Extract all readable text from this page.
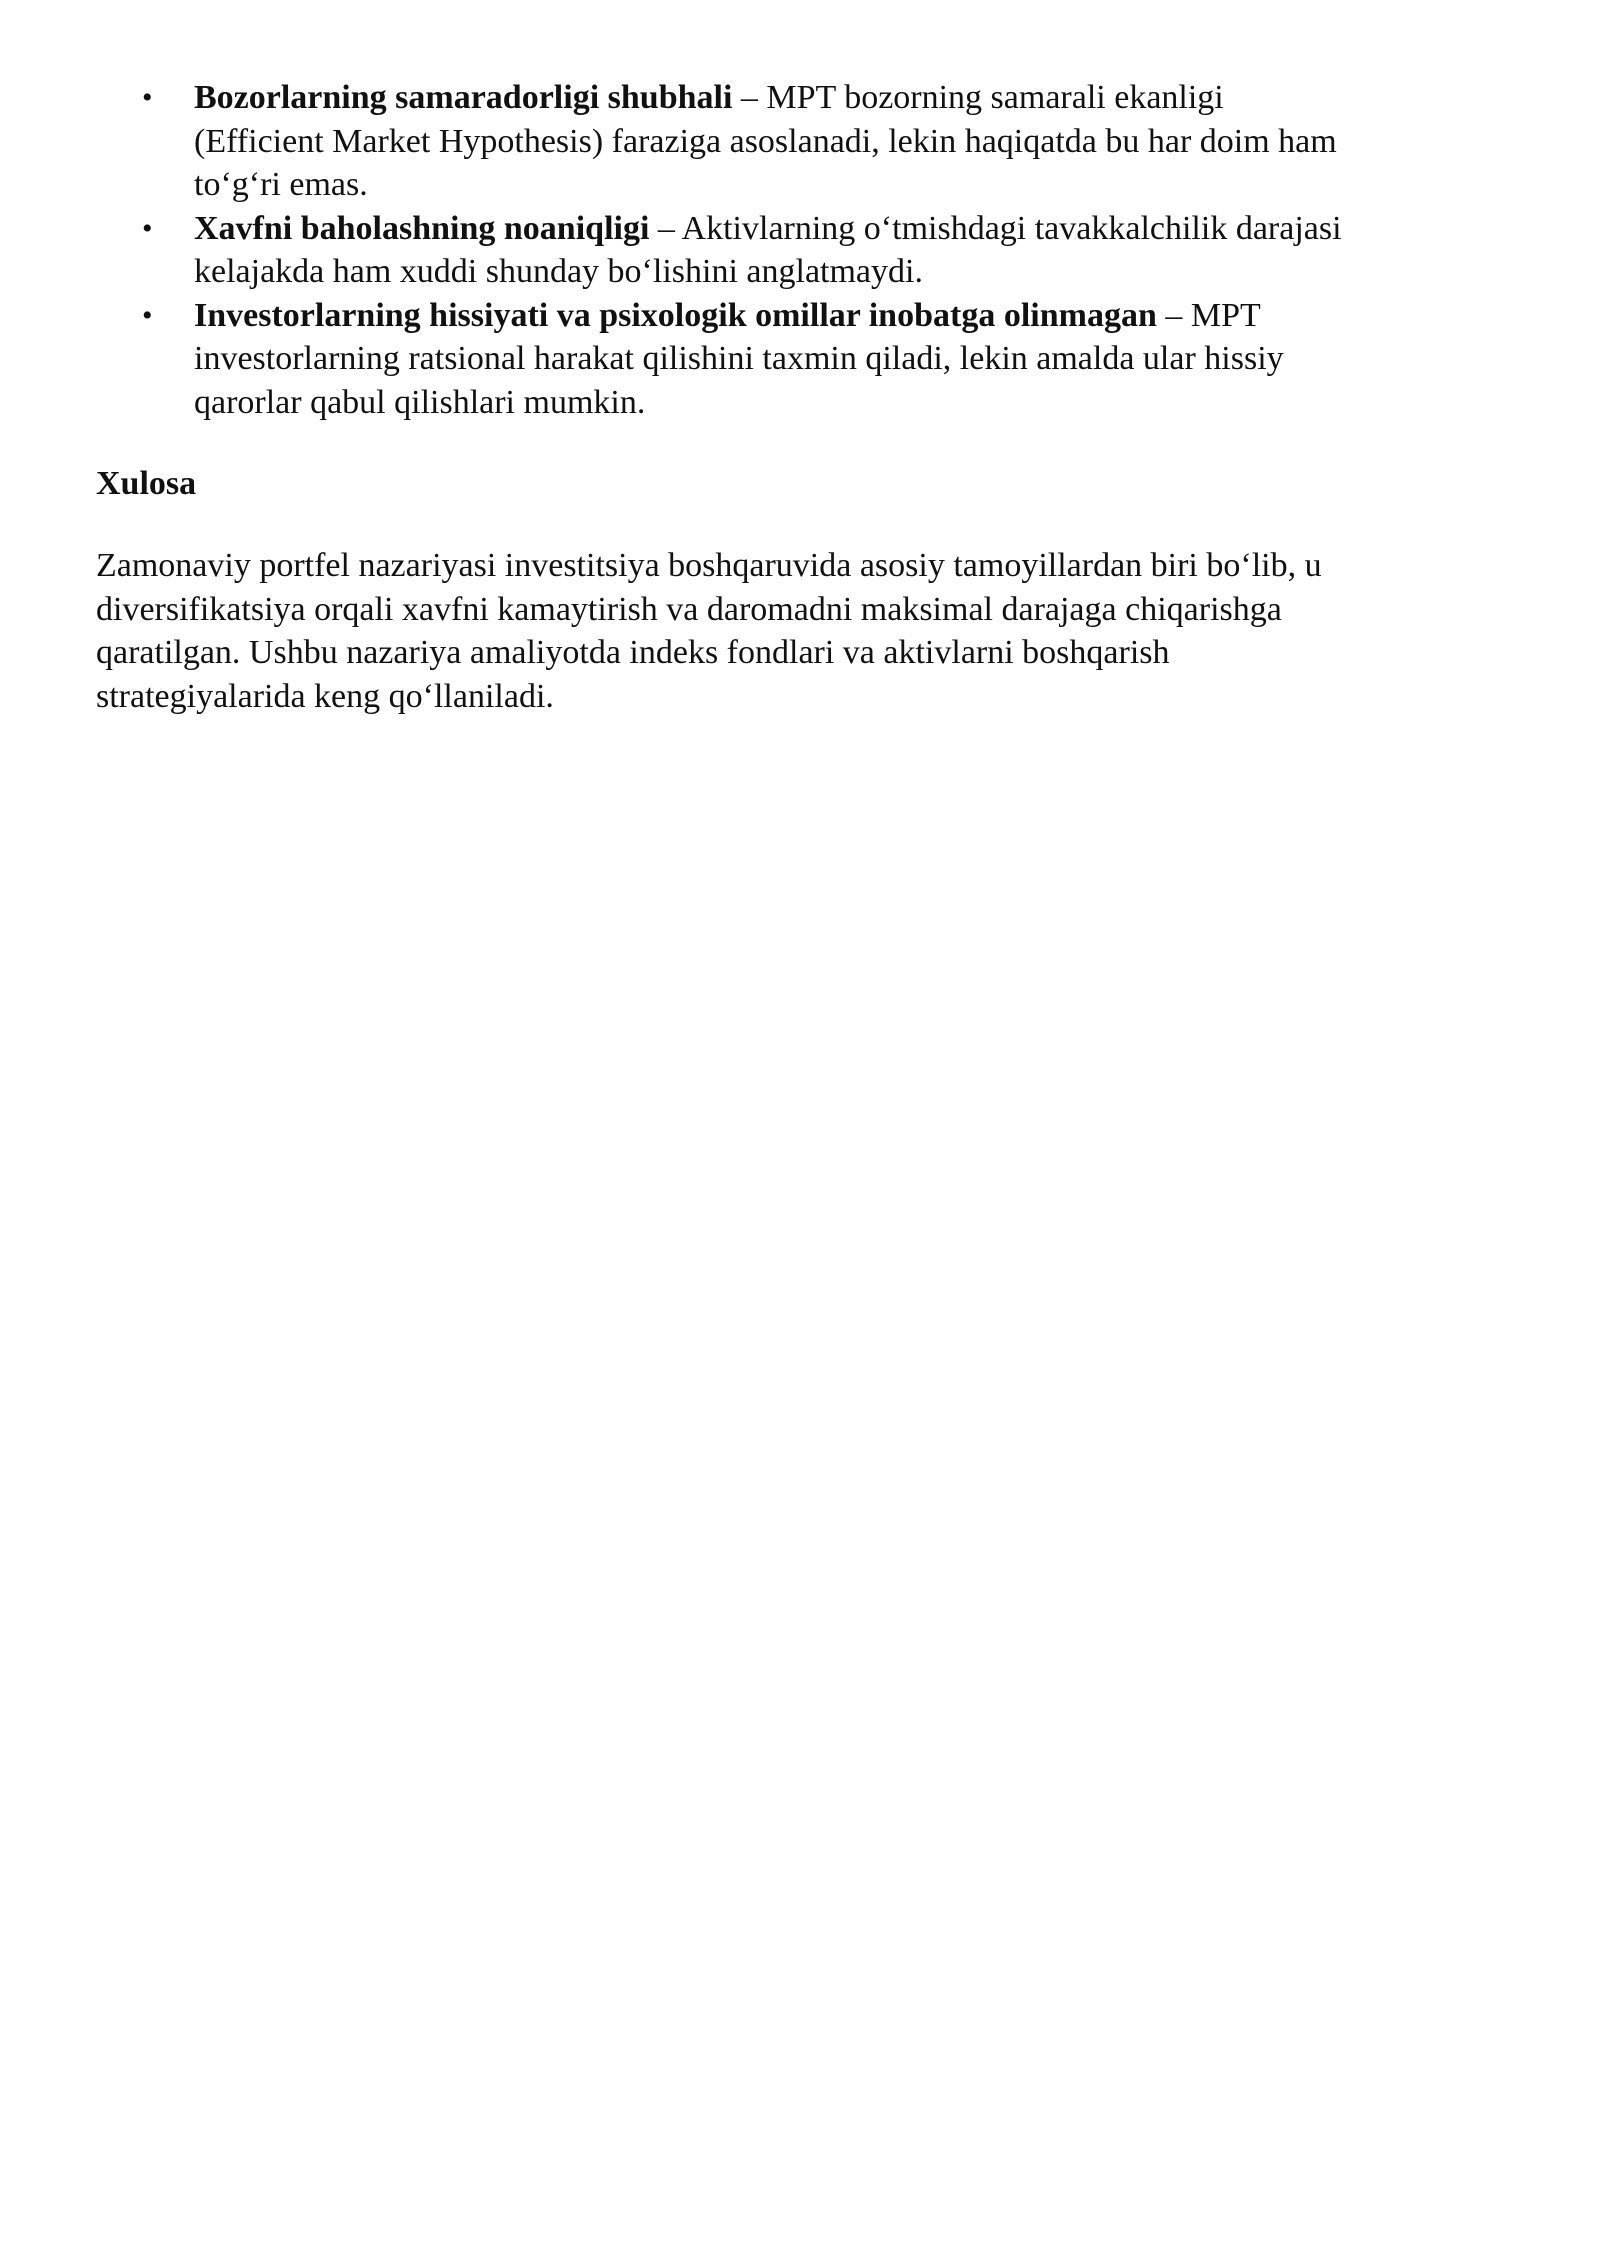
• Bozorlarning samaradorligi shubhali – MPT bozorning samarali ekanligi
(Efficient Market Hypothesis) faraziga asoslanadi, lekin haqiqatda bu har doim ham
to‘g‘ri emas.
• Xavfni baholashning noaniqligi – Aktivlarning o‘tmishdagi tavakkalchilik darajasi
kelajakda ham xuddi shunday bo‘lishini anglatmaydi.
• Investorlarning hissiyati va psixologik omillar inobatga olinmagan – MPT
investorlarning ratsional harakat qilishini taxmin qiladi, lekin amalda ular hissiy
qarorlar qabul qilishlari mumkin.
Xulosa

Zamonaviy portfel nazariyasi investitsiya boshqaruvida asosiy tamoyillardan biri bo‘lib, u
diversifikatsiya orqali xavfni kamaytirish va daromadni maksimal darajaga chiqarishga
qaratilgan. Ushbu nazariya amaliyotda indeks fondlari va aktivlarni boshqarish
strategiyalarida keng qo‘llaniladi.
